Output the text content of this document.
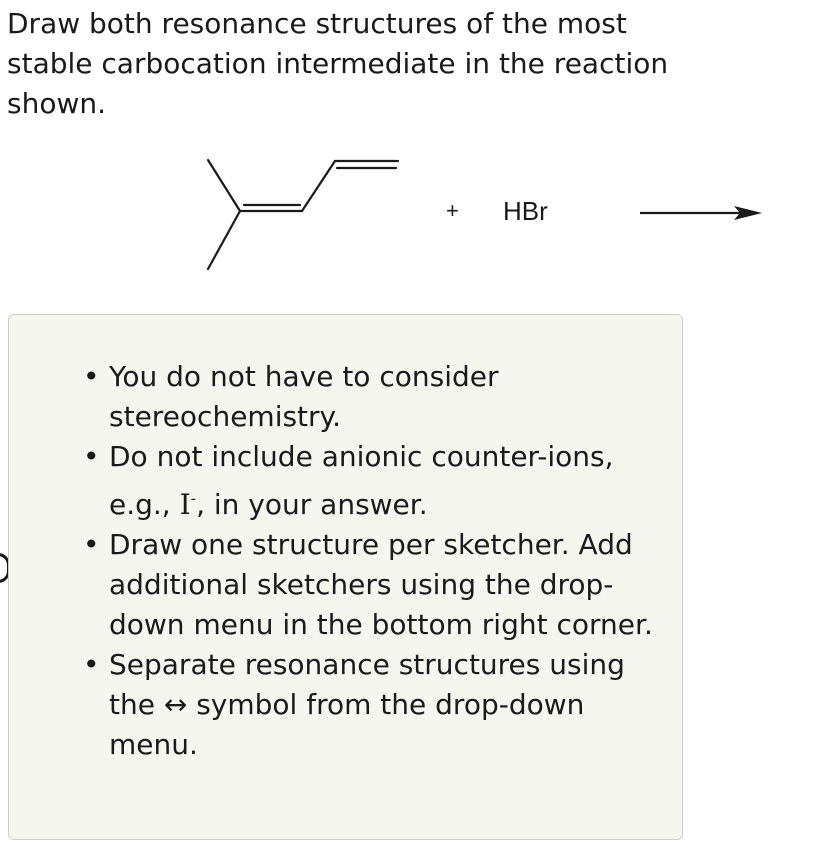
Draw both resonance structures of the most stable carbocation intermediate in the reaction shown.
+ HBr
• You do not have to consider stereochemistry.
• Do not include anionic counter-ions,
e.g., I-, in your answer.
• Draw one structure per sketcher. Add additional sketchers using the drop-down menu in the bottom right corner.
• Separate resonance structures using the ↔ symbol from the drop-down menu.
